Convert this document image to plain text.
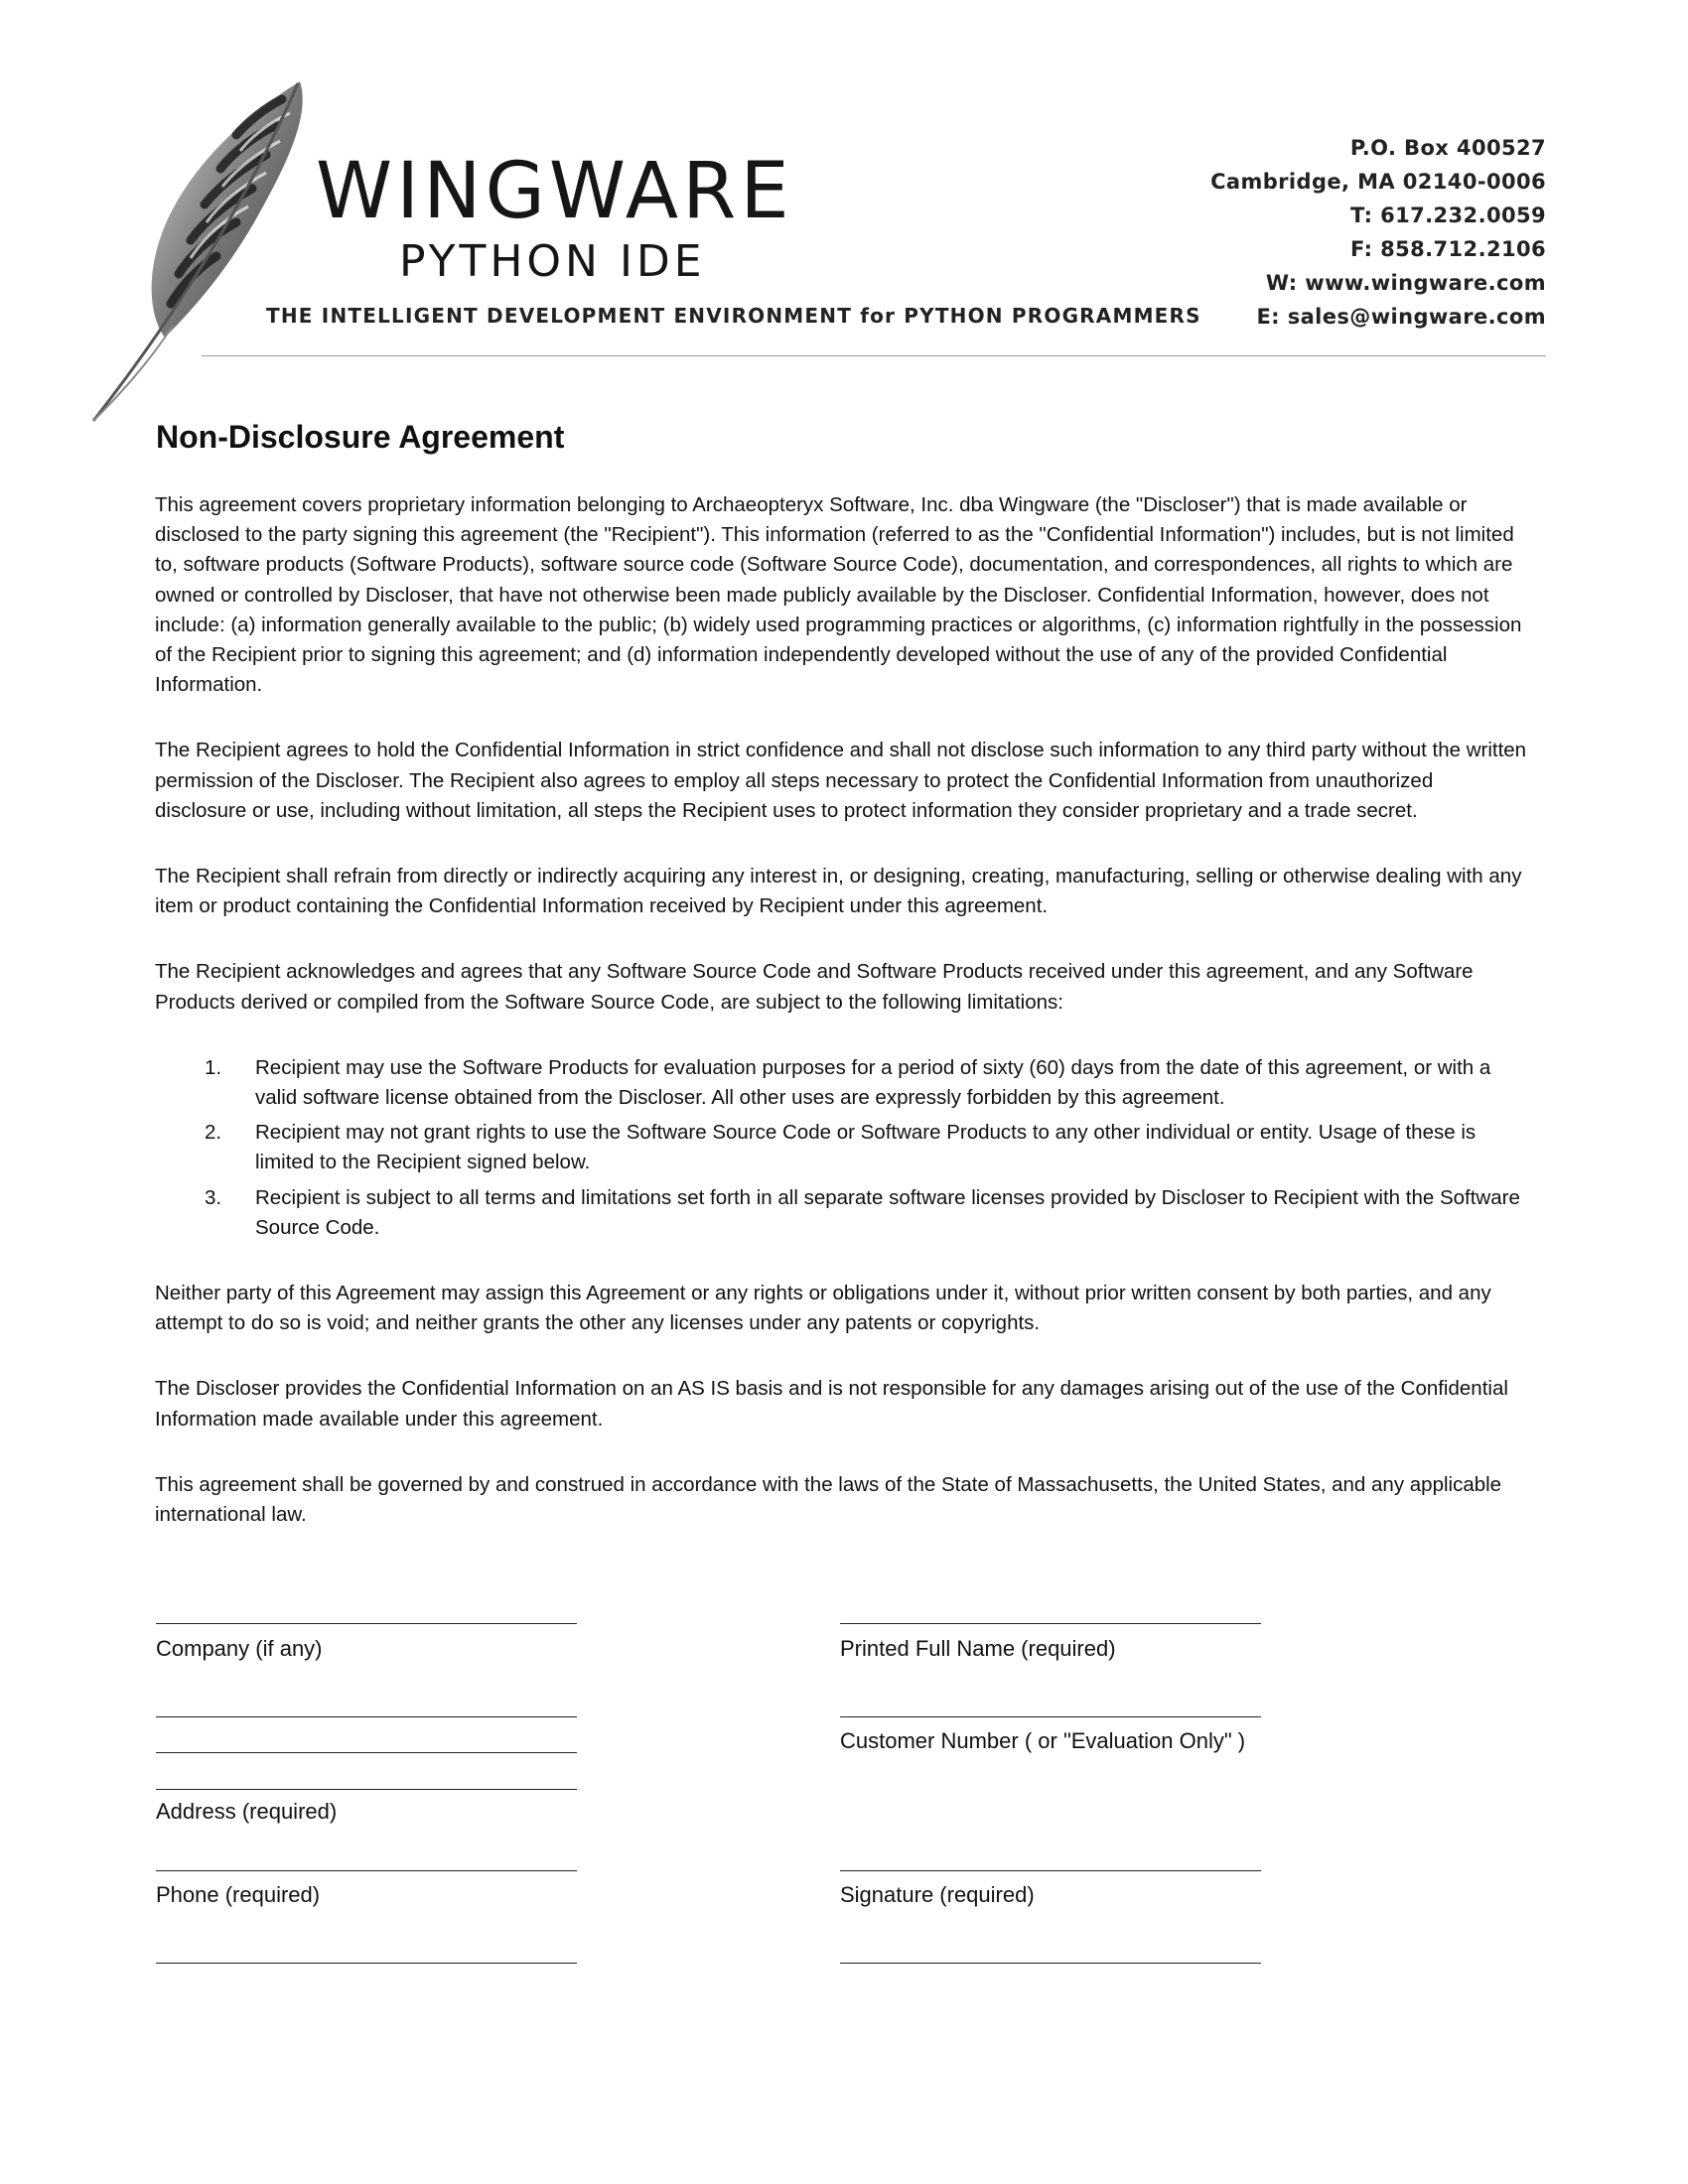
WINGWARE
PYTHON IDE
THE INTELLIGENT DEVELOPMENT ENVIRONMENT for PYTHON PROGRAMMERS
P.O. Box 400527
Cambridge, MA 02140-0006
T: 617.232.0059
F: 858.712.2106
W: www.wingware.com
E: sales@wingware.com
Non-Disclosure Agreement

This agreement covers proprietary information belonging to Archaeopteryx Software, Inc. dba Wingware (the "Discloser") that is made available or disclosed to the party signing this agreement (the "Recipient"). This information (referred to as the "Confidential Information") includes, but is not limited to, software products (Software Products), software source code (Software Source Code), documentation, and correspondences, all rights to which are owned or controlled by Discloser, that have not otherwise been made publicly available by the Discloser. Confidential Information, however, does not include: (a) information generally available to the public; (b) widely used programming practices or algorithms, (c) information rightfully in the possession of the Recipient prior to signing this agreement; and (d) information independently developed without the use of any of the provided Confidential Information.

The Recipient agrees to hold the Confidential Information in strict confidence and shall not disclose such information to any third party without the written permission of the Discloser. The Recipient also agrees to employ all steps necessary to protect the Confidential Information from unauthorized disclosure or use, including without limitation, all steps the Recipient uses to protect information they consider proprietary and a trade secret.

The Recipient shall refrain from directly or indirectly acquiring any interest in, or designing, creating, manufacturing, selling or otherwise dealing with any item or product containing the Confidential Information received by Recipient under this agreement.

The Recipient acknowledges and agrees that any Software Source Code and Software Products received under this agreement, and any Software Products derived or compiled from the Software Source Code, are subject to the following limitations:

1. Recipient may use the Software Products for evaluation purposes for a period of sixty (60) days from the date of this agreement, or with a valid software license obtained from the Discloser. All other uses are expressly forbidden by this agreement.
2. Recipient may not grant rights to use the Software Source Code or Software Products to any other individual or entity. Usage of these is limited to the Recipient signed below.
3. Recipient is subject to all terms and limitations set forth in all separate software licenses provided by Discloser to Recipient with the Software Source Code.

Neither party of this Agreement may assign this Agreement or any rights or obligations under it, without prior written consent by both parties, and any attempt to do so is void; and neither grants the other any licenses under any patents or copyrights.

The Discloser provides the Confidential Information on an AS IS basis and is not responsible for any damages arising out of the use of the Confidential Information made available under this agreement.

This agreement shall be governed by and construed in accordance with the laws of the State of Massachusetts, the United States, and any applicable international law.

Company (if any)
Address (required)
Phone (required)
Printed Full Name (required)
Customer Number ( or "Evaluation Only" )
Signature (required)
